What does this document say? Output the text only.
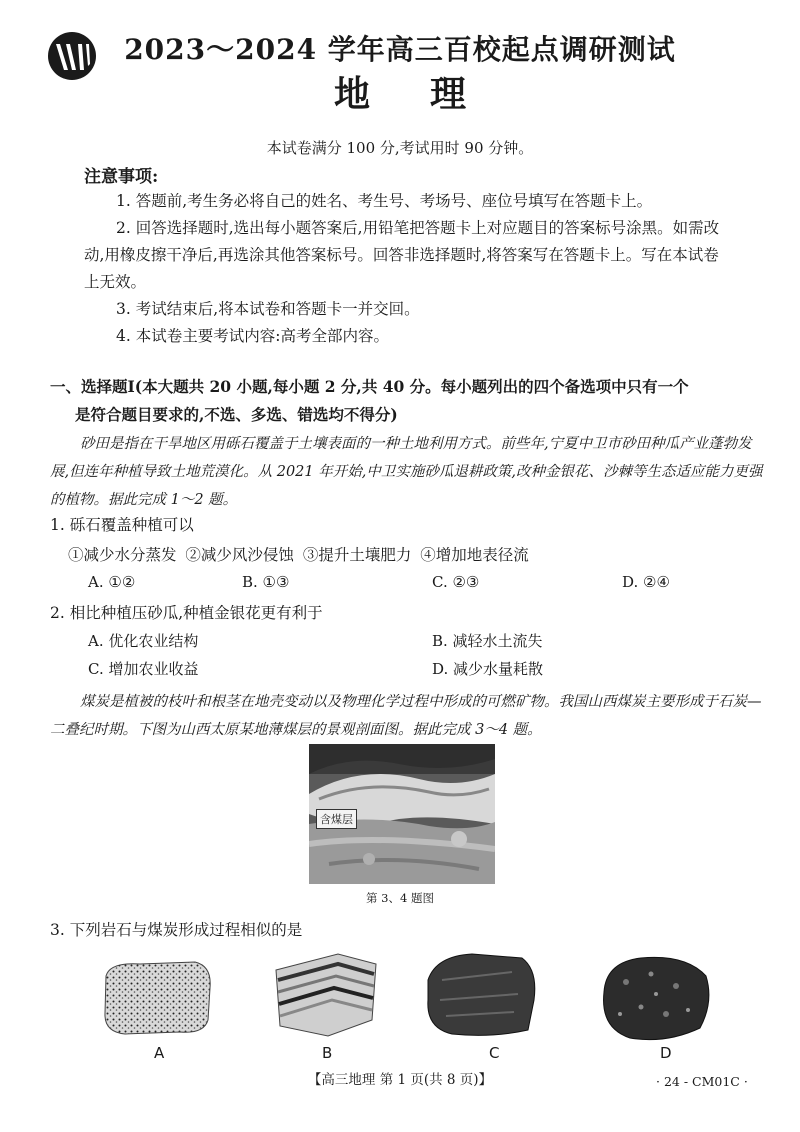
2023～2024 学年高三百校起点调研测试
地理
本试卷满分 100 分,考试用时 90 分钟。
注意事项:

1. 答题前,考生务必将自己的姓名、考生号、考场号、座位号填写在答题卡上。

2. 回答选择题时,选出每小题答案后,用铅笔把答题卡上对应题目的答案标号涂黑。如需改动,用橡皮擦干净后,再选涂其他答案标号。回答非选择题时,将答案写在答题卡上。写在本试卷上无效。

3. 考试结束后,将本试卷和答题卡一并交回。

4. 本试卷主要考试内容:高考全部内容。

一、选择题Ⅰ(本大题共 20 小题,每小题 2 分,共 40 分。每小题列出的四个备选项中只有一个
是符合题目要求的,不选、多选、错选均不得分)
砂田是指在干旱地区用砾石覆盖于土壤表面的一种土地利用方式。前些年,宁夏中卫市砂田种瓜产业蓬勃发展,但连年种植导致土地荒漠化。从 2021 年开始,中卫实施砂瓜退耕政策,改种金银花、沙棘等生态适应能力更强的植物。据此完成 1～2 题。
1. 砾石覆盖种植可以
①减少水分蒸发 ②减少风沙侵蚀 ③提升土壤肥力 ④增加地表径流
A. ①②	B. ①③	C. ②③	D. ②④
2. 相比种植压砂瓜,种植金银花更有利于
A. 优化农业结构	B. 减轻水土流失
C. 增加农业收益	D. 减少水量耗散
煤炭是植被的枝叶和根茎在地壳变动以及物理化学过程中形成的可燃矿物。我国山西煤炭主要形成于石炭—二叠纪时期。下图为山西太原某地薄煤层的景观剖面图。据此完成 3～4 题。
含煤层
第 3、4 题图
3. 下列岩石与煤炭形成过程相似的是
A	B	C	D
【高三地理 第 1 页(共 8 页)】	· 24 - CM01C ·
